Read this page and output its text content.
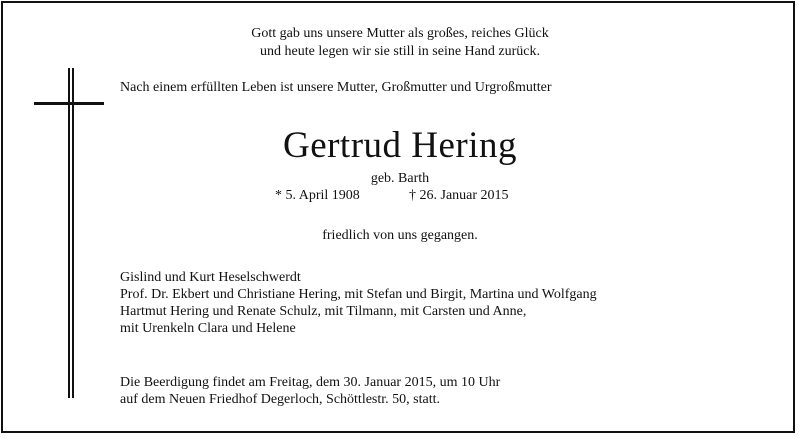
Gott gab uns unsere Mutter als großes, reiches Glück
und heute legen wir sie still in seine Hand zurück.
Nach einem erfüllten Leben ist unsere Mutter, Großmutter und Urgroßmutter
Gertrud Hering
geb. Barth
* 5. April 1908	† 26. Januar 2015
friedlich von uns gegangen.
Gislind und Kurt Heselschwerdt
Prof. Dr. Ekbert und Christiane Hering, mit Stefan und Birgit, Martina und Wolfgang
Hartmut Hering und Renate Schulz, mit Tilmann, mit Carsten und Anne,
mit Urenkeln Clara und Helene
Die Beerdigung findet am Freitag, dem 30. Januar 2015, um 10 Uhr
auf dem Neuen Friedhof Degerloch, Schöttlestr. 50, statt.
